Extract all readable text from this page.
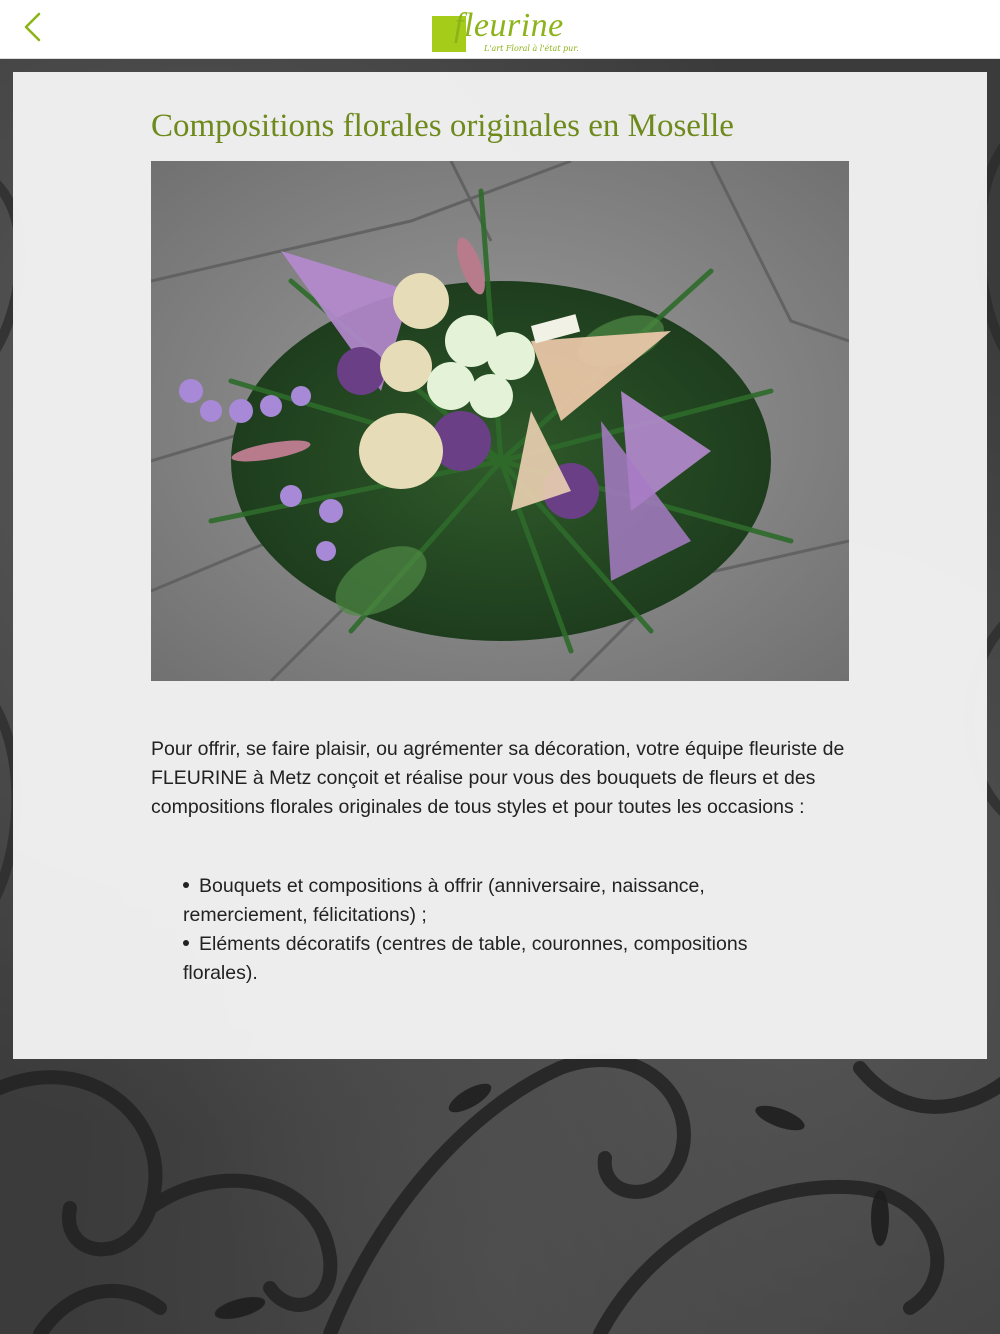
fleurine
L'art Floral à l'état pur.
Compositions florales originales en Moselle

Pour offrir, se faire plaisir, ou agrémenter sa décoration, votre équipe fleuriste de FLEURINE à Metz conçoit et réalise pour vous des bouquets de fleurs et des compositions florales originales de tous styles et pour toutes les occasions :

Bouquets et compositions à offrir (anniversaire, naissance, remerciement, félicitations) ;
Eléments décoratifs (centres de table, couronnes, compositions florales).
